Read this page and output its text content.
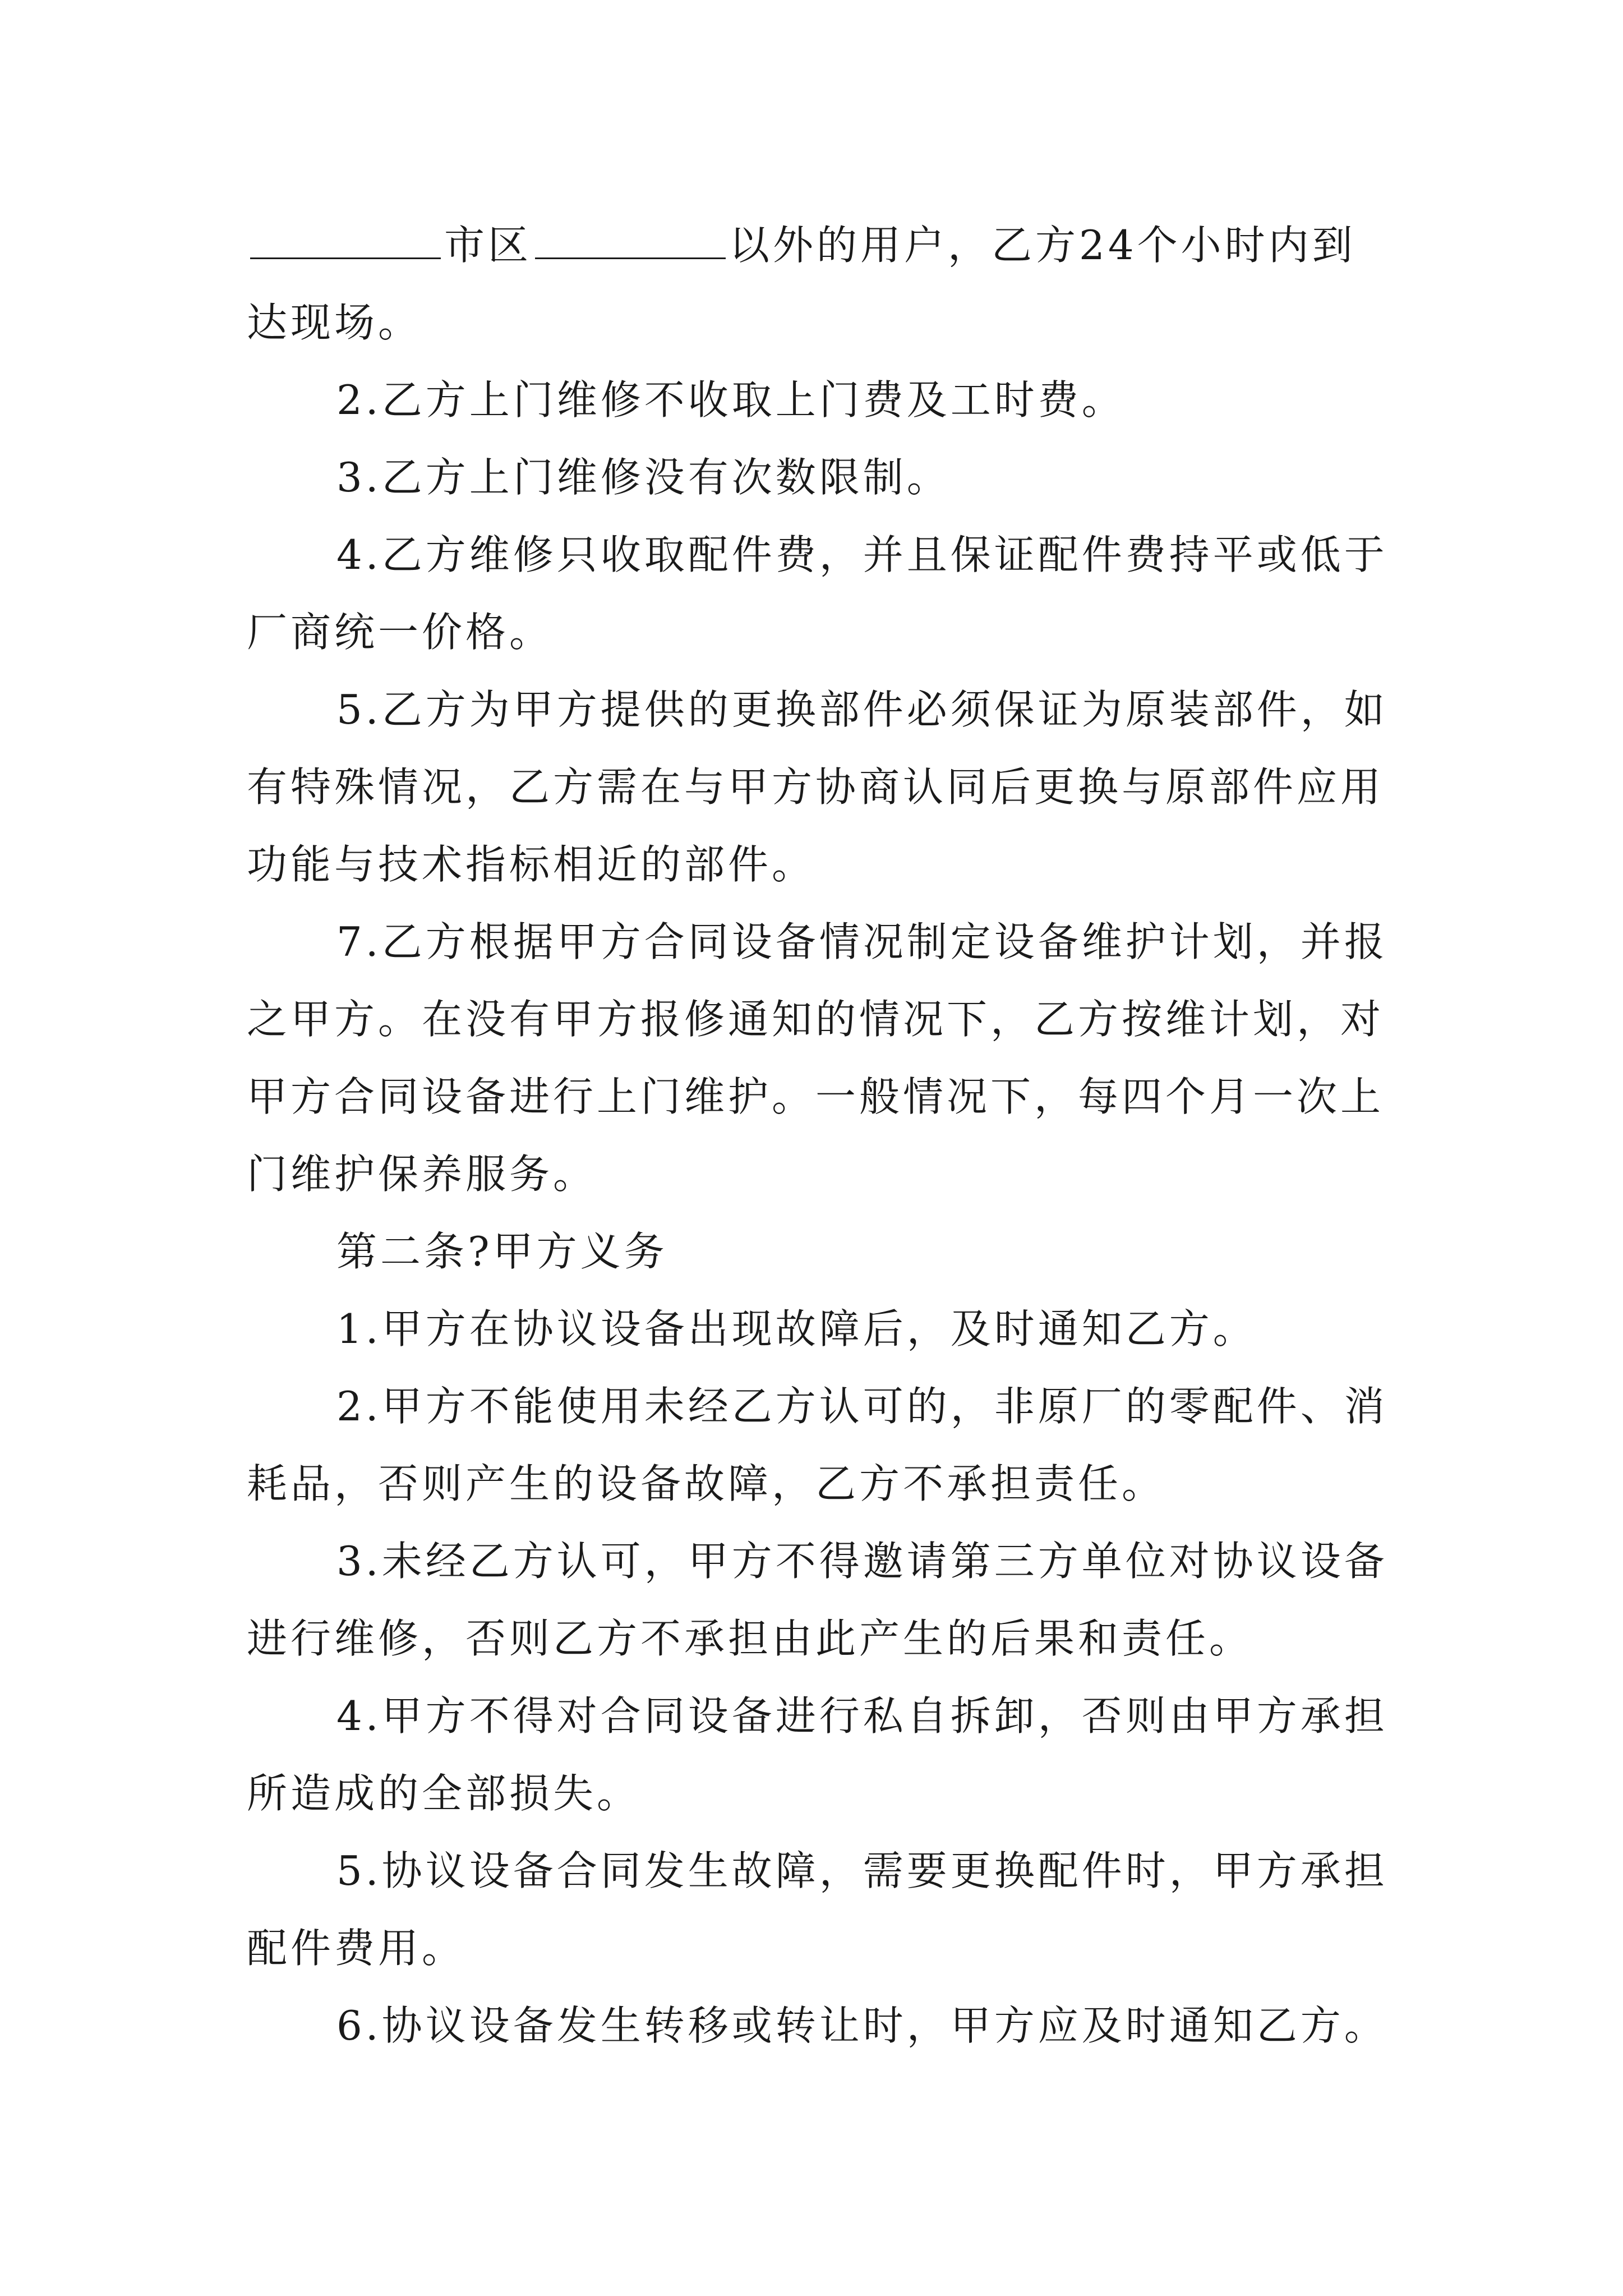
市区	以外的用户，乙方24个小时内到
达现场。
2.乙方上门维修不收取上门费及工时费。
3.乙方上门维修没有次数限制。
4.乙方维修只收取配件费，并且保证配件费持平或低于
厂商统一价格。
5.乙方为甲方提供的更换部件必须保证为原装部件，如
有特殊情况，乙方需在与甲方协商认同后更换与原部件应用
功能与技术指标相近的部件。
7.乙方根据甲方合同设备情况制定设备维护计划，并报
之甲方。在没有甲方报修通知的情况下，乙方按维计划，对
甲方合同设备进行上门维护。一般情况下，每四个月一次上
门维护保养服务。
第二条?甲方义务
1.甲方在协议设备出现故障后，及时通知乙方。
2.甲方不能使用未经乙方认可的，非原厂的零配件、消
耗品，否则产生的设备故障，乙方不承担责任。
3.未经乙方认可，甲方不得邀请第三方单位对协议设备
进行维修，否则乙方不承担由此产生的后果和责任。
4.甲方不得对合同设备进行私自拆卸，否则由甲方承担
所造成的全部损失。
5.协议设备合同发生故障，需要更换配件时，甲方承担
配件费用。
6.协议设备发生转移或转让时，甲方应及时通知乙方。
